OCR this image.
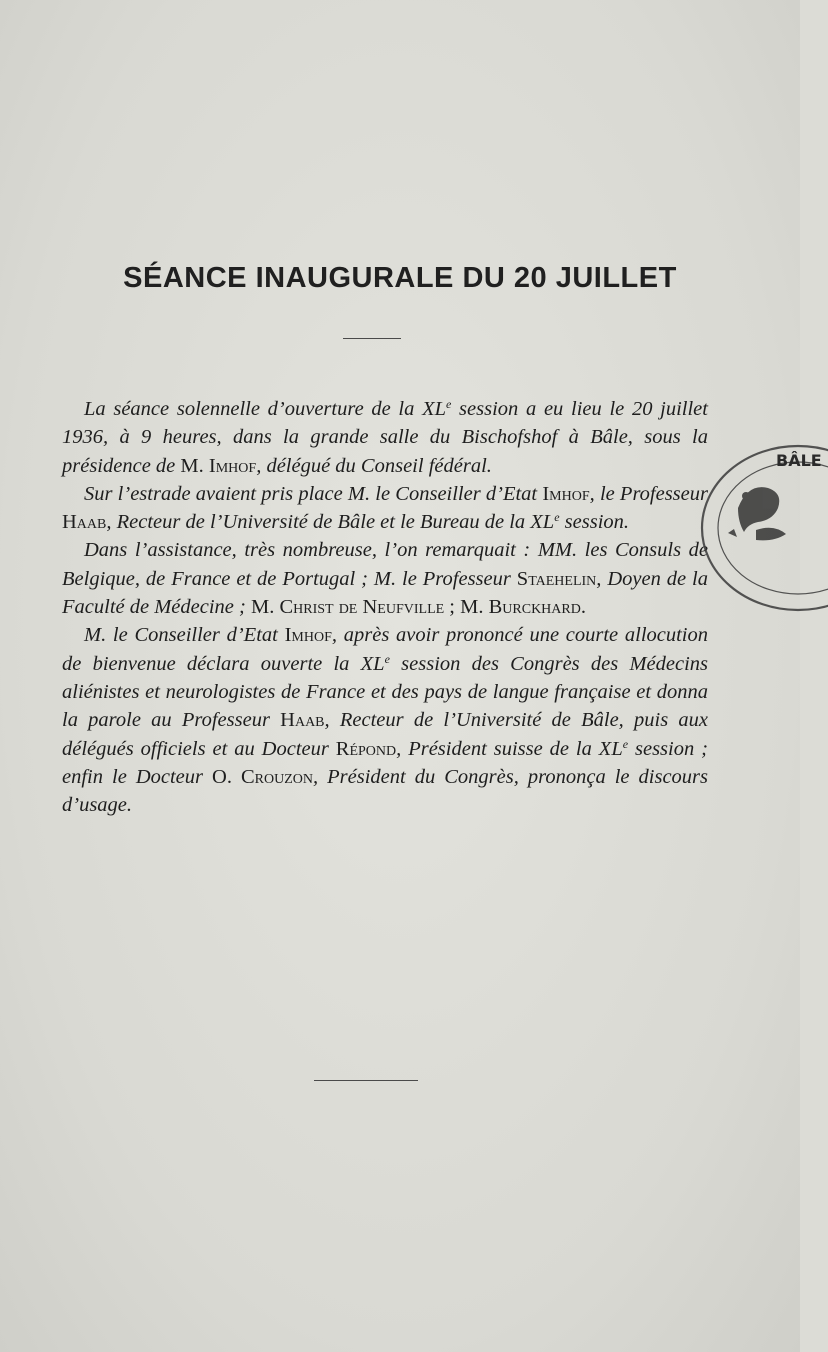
SÉANCE INAUGURALE DU 20 JUILLET

La séance solennelle d’ouverture de la XLe session a eu lieu le 20 juillet 1936, à 9 heures, dans la grande salle du Bischofshof à Bâle, sous la présidence de M. Imhof, délégué du Conseil fédéral.

Sur l’estrade avaient pris place M. le Conseiller d’Etat Imhof, le Professeur Haab, Recteur de l’Université de Bâle et le Bureau de la XLe session.

Dans l’assistance, très nombreuse, l’on remarquait : MM. les Consuls de Belgique, de France et de Portugal ; M. le Professeur Staehelin, Doyen de la Faculté de Médecine ; M. Christ de Neufville ; M. Burckhard.

M. le Conseiller d’Etat Imhof, après avoir prononcé une courte allocution de bienvenue déclara ouverte la XLe session des Congrès des Médecins aliénistes et neurologistes de France et des pays de langue française et donna la parole au Professeur Haab, Recteur de l’Université de Bâle, puis aux délégués officiels et au Docteur Répond, Président suisse de la XLe session ; enfin le Docteur O. Crouzon, Président du Congrès, prononça le discours d’usage.

BÂLE
